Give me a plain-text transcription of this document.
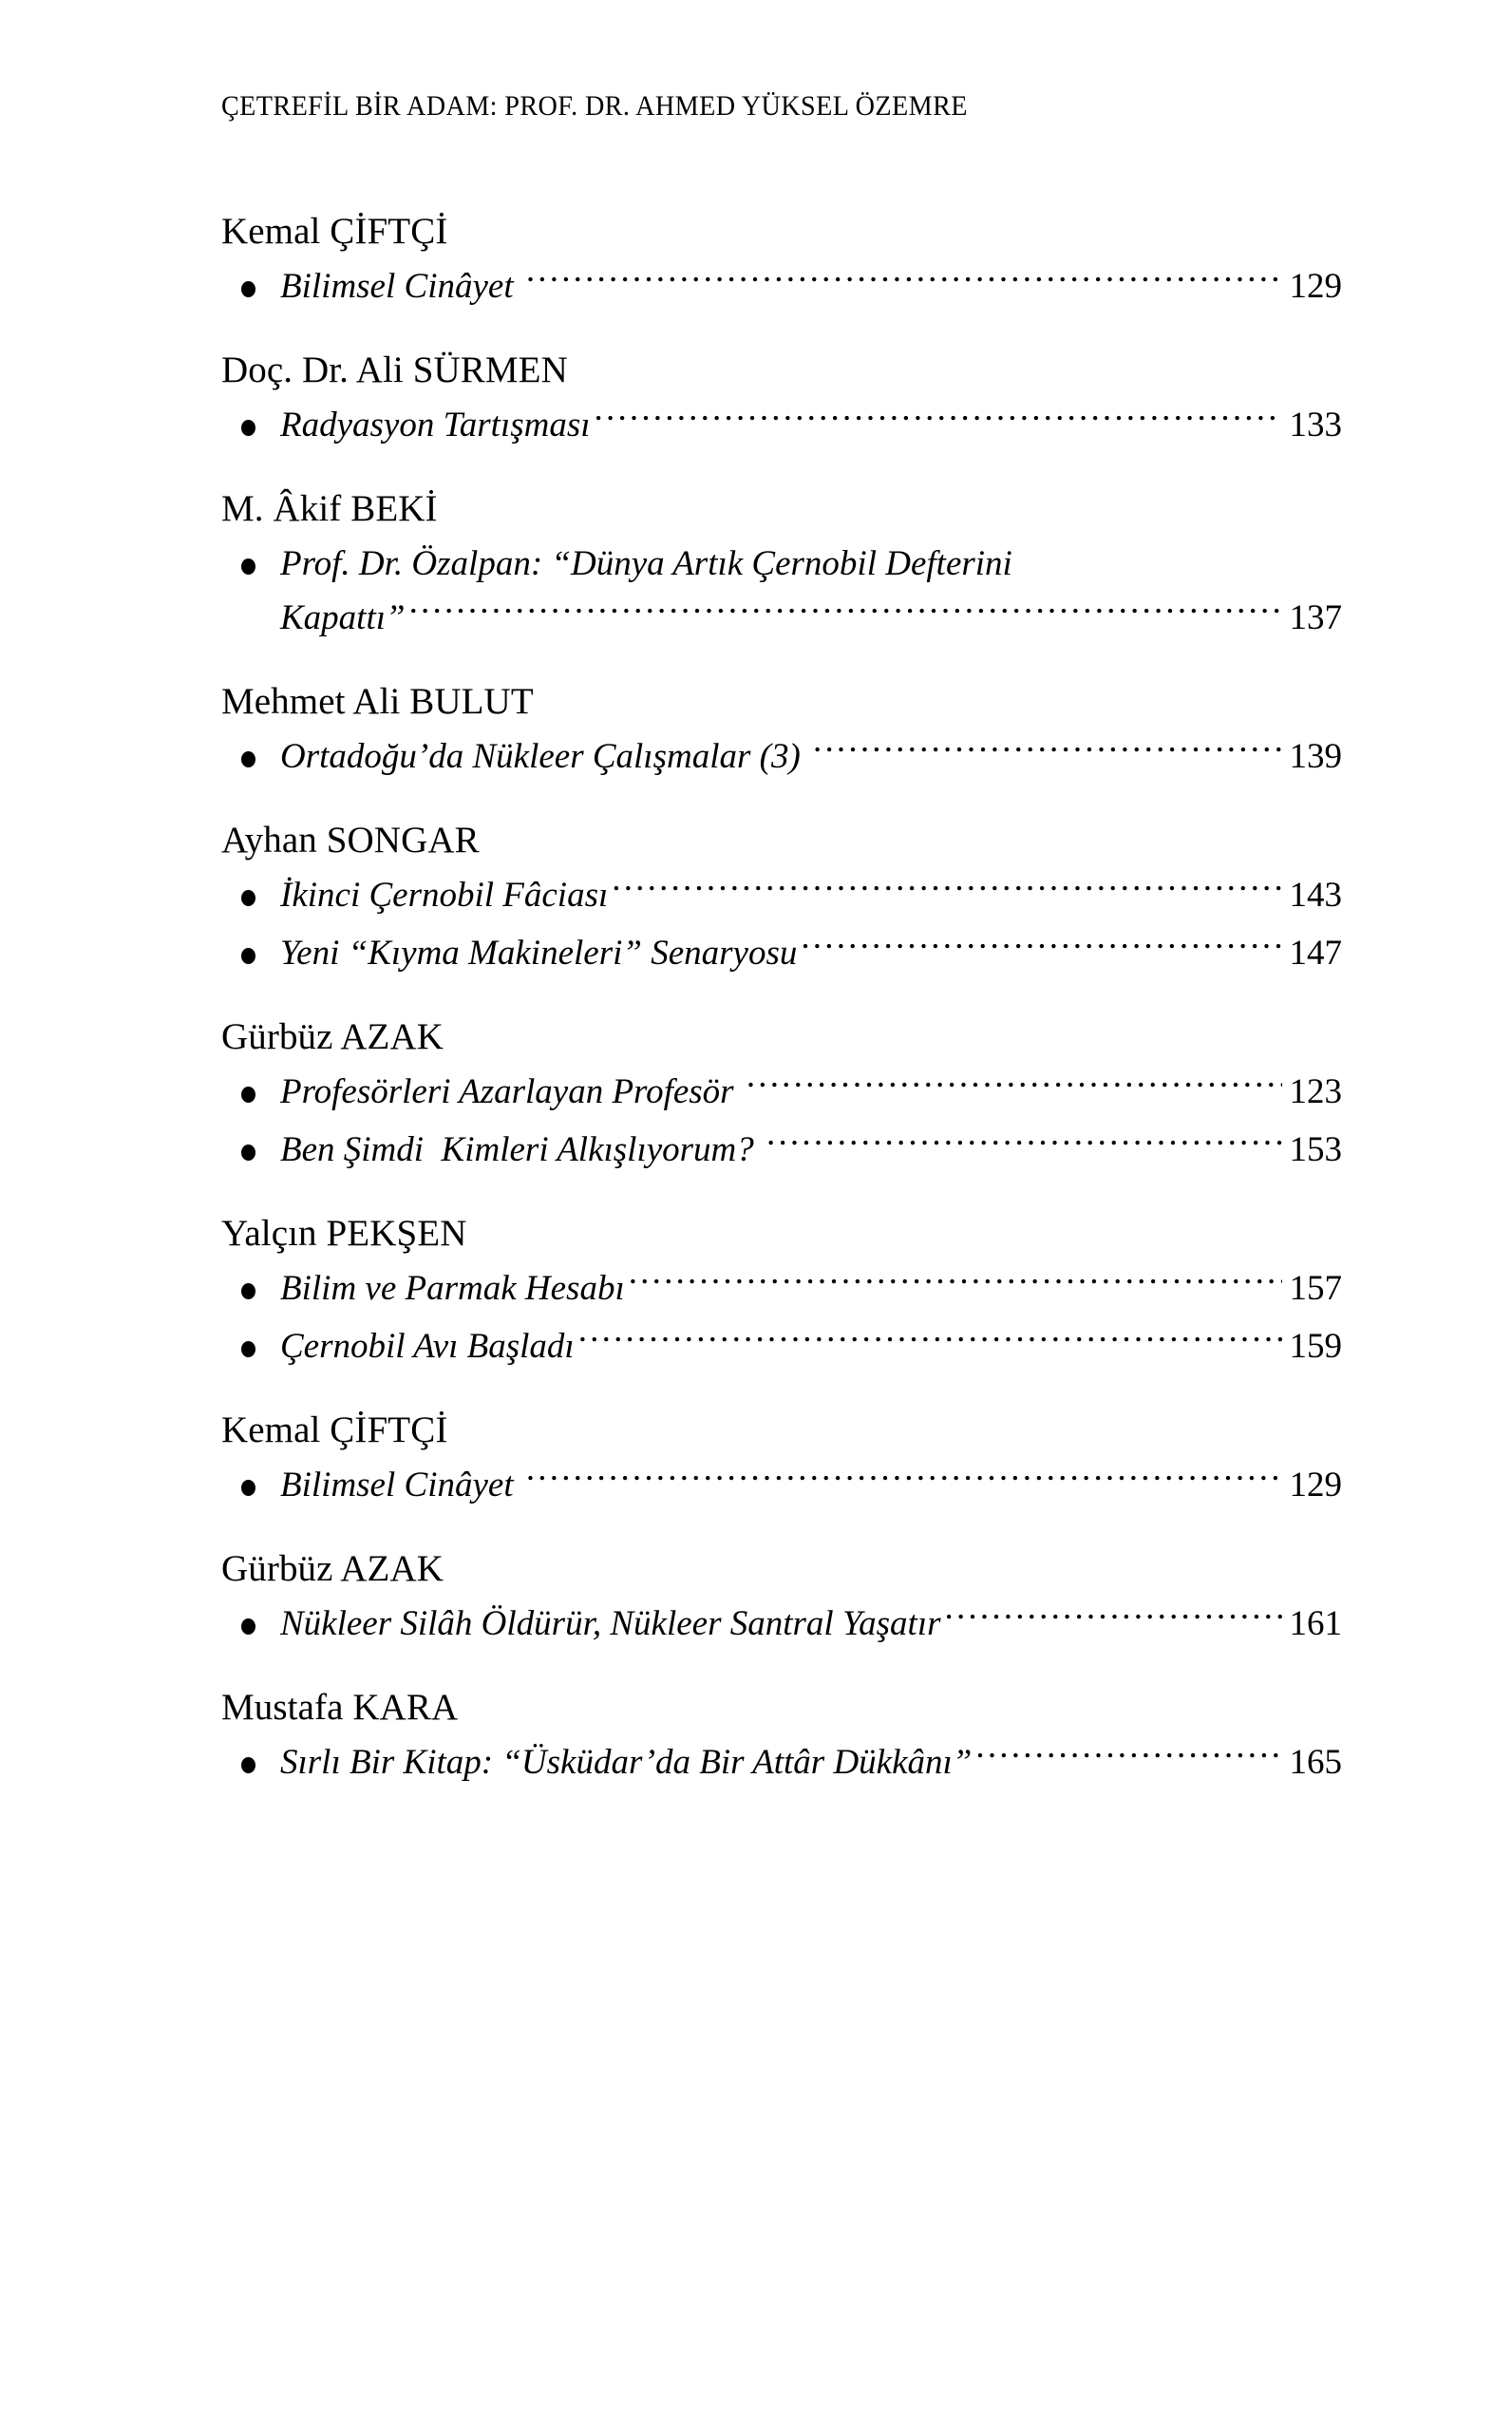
ÇETREFİL BİR ADAM: PROF. DR. AHMED YÜKSEL ÖZEMRE
Kemal ÇİFTÇİ
Bilimsel Cinâyet .....	129
Doç. Dr. Ali SÜRMEN
Radyasyon Tartışması .....	133
M. Âkif BEKİ
Prof. Dr. Özalpan: “Dünya Artık Çernobil Defterini
Kapattı” .....	137
Mehmet Ali BULUT
Ortadoğu’da Nükleer Çalışmalar (3) .....	139
Ayhan SONGAR
İkinci Çernobil Fâciası .....	143
Yeni “Kıyma Makineleri” Senaryosu .....	147
Gürbüz AZAK
Profesörleri Azarlayan Profesör .....	123
Ben Şimdi  Kimleri Alkışlıyorum? .....	153
Yalçın PEKŞEN
Bilim ve Parmak Hesabı .....	157
Çernobil Avı Başladı .....	159
Kemal ÇİFTÇİ
Bilimsel Cinâyet .....	129
Gürbüz AZAK
Nükleer Silâh Öldürür, Nükleer Santral Yaşatır .....	161
Mustafa KARA
Sırlı Bir Kitap: “Üsküdar’da Bir Attâr Dükkânı” .....	165
